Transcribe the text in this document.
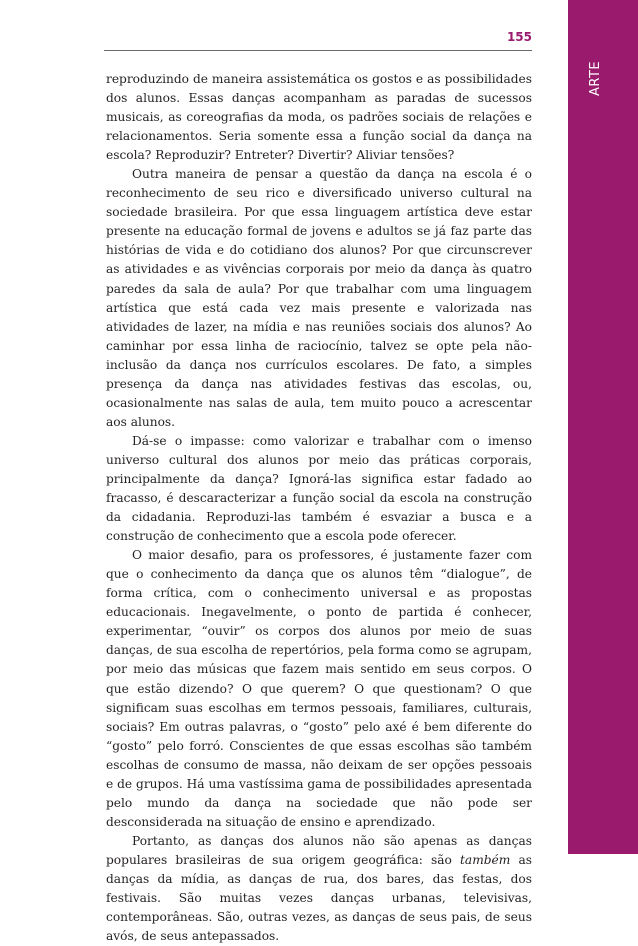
ARTE
155

reproduzindo de maneira assistemática os gostos e as possibilidades dos alunos. Essas danças acompanham as paradas de sucessos musicais, as coreografias da moda, os padrões sociais de relações e relacionamentos. Seria somente essa a função social da dança na escola? Reproduzir? Entreter? Divertir? Aliviar tensões?

Outra maneira de pensar a questão da dança na escola é o reconhecimento de seu rico e diversificado universo cultural na sociedade brasileira. Por que essa linguagem artística deve estar presente na educação formal de jovens e adultos se já faz parte das histórias de vida e do cotidiano dos alunos? Por que circunscrever as atividades e as vivências corporais por meio da dança às quatro paredes da sala de aula? Por que trabalhar com uma linguagem artística que está cada vez mais presente e valorizada nas atividades de lazer, na mídia e nas reuniões sociais dos alunos? Ao caminhar por essa linha de raciocínio, talvez se opte pela não-inclusão da dança nos currículos escolares. De fato, a simples presença da dança nas atividades festivas das escolas, ou, ocasionalmente nas salas de aula, tem muito pouco a acrescentar aos alunos.

Dá-se o impasse: como valorizar e trabalhar com o imenso universo cultural dos alunos por meio das práticas corporais, principalmente da dança? Ignorá-las significa estar fadado ao fracasso, é descaracterizar a função social da escola na construção da cidadania. Reproduzi-las também é esvaziar a busca e a construção de conhecimento que a escola pode oferecer.

O maior desafio, para os professores, é justamente fazer com que o conhecimento da dança que os alunos têm “dialogue”, de forma crítica, com o conhecimento universal e as propostas educacionais. Inegavelmente, o ponto de partida é conhecer, experimentar, “ouvir” os corpos dos alunos por meio de suas danças, de sua escolha de repertórios, pela forma como se agrupam, por meio das músicas que fazem mais sentido em seus corpos. O que estão dizendo? O que querem? O que questionam? O que significam suas escolhas em termos pessoais, familiares, culturais, sociais? Em outras palavras, o “gosto” pelo axé é bem diferente do “gosto” pelo forró. Conscientes de que essas escolhas são também escolhas de consumo de massa, não deixam de ser opções pessoais e de grupos. Há uma vastíssima gama de possibilidades apresentada pelo mundo da dança na sociedade que não pode ser desconsiderada na situação de ensino e aprendizado.

Portanto, as danças dos alunos não são apenas as danças populares brasileiras de sua origem geográfica: são também as danças da mídia, as danças de rua, dos bares, das festas, dos festivais. São muitas vezes danças urbanas, televisivas, contemporâneas. São, outras vezes, as danças de seus pais, de seus avós, de seus antepassados.
